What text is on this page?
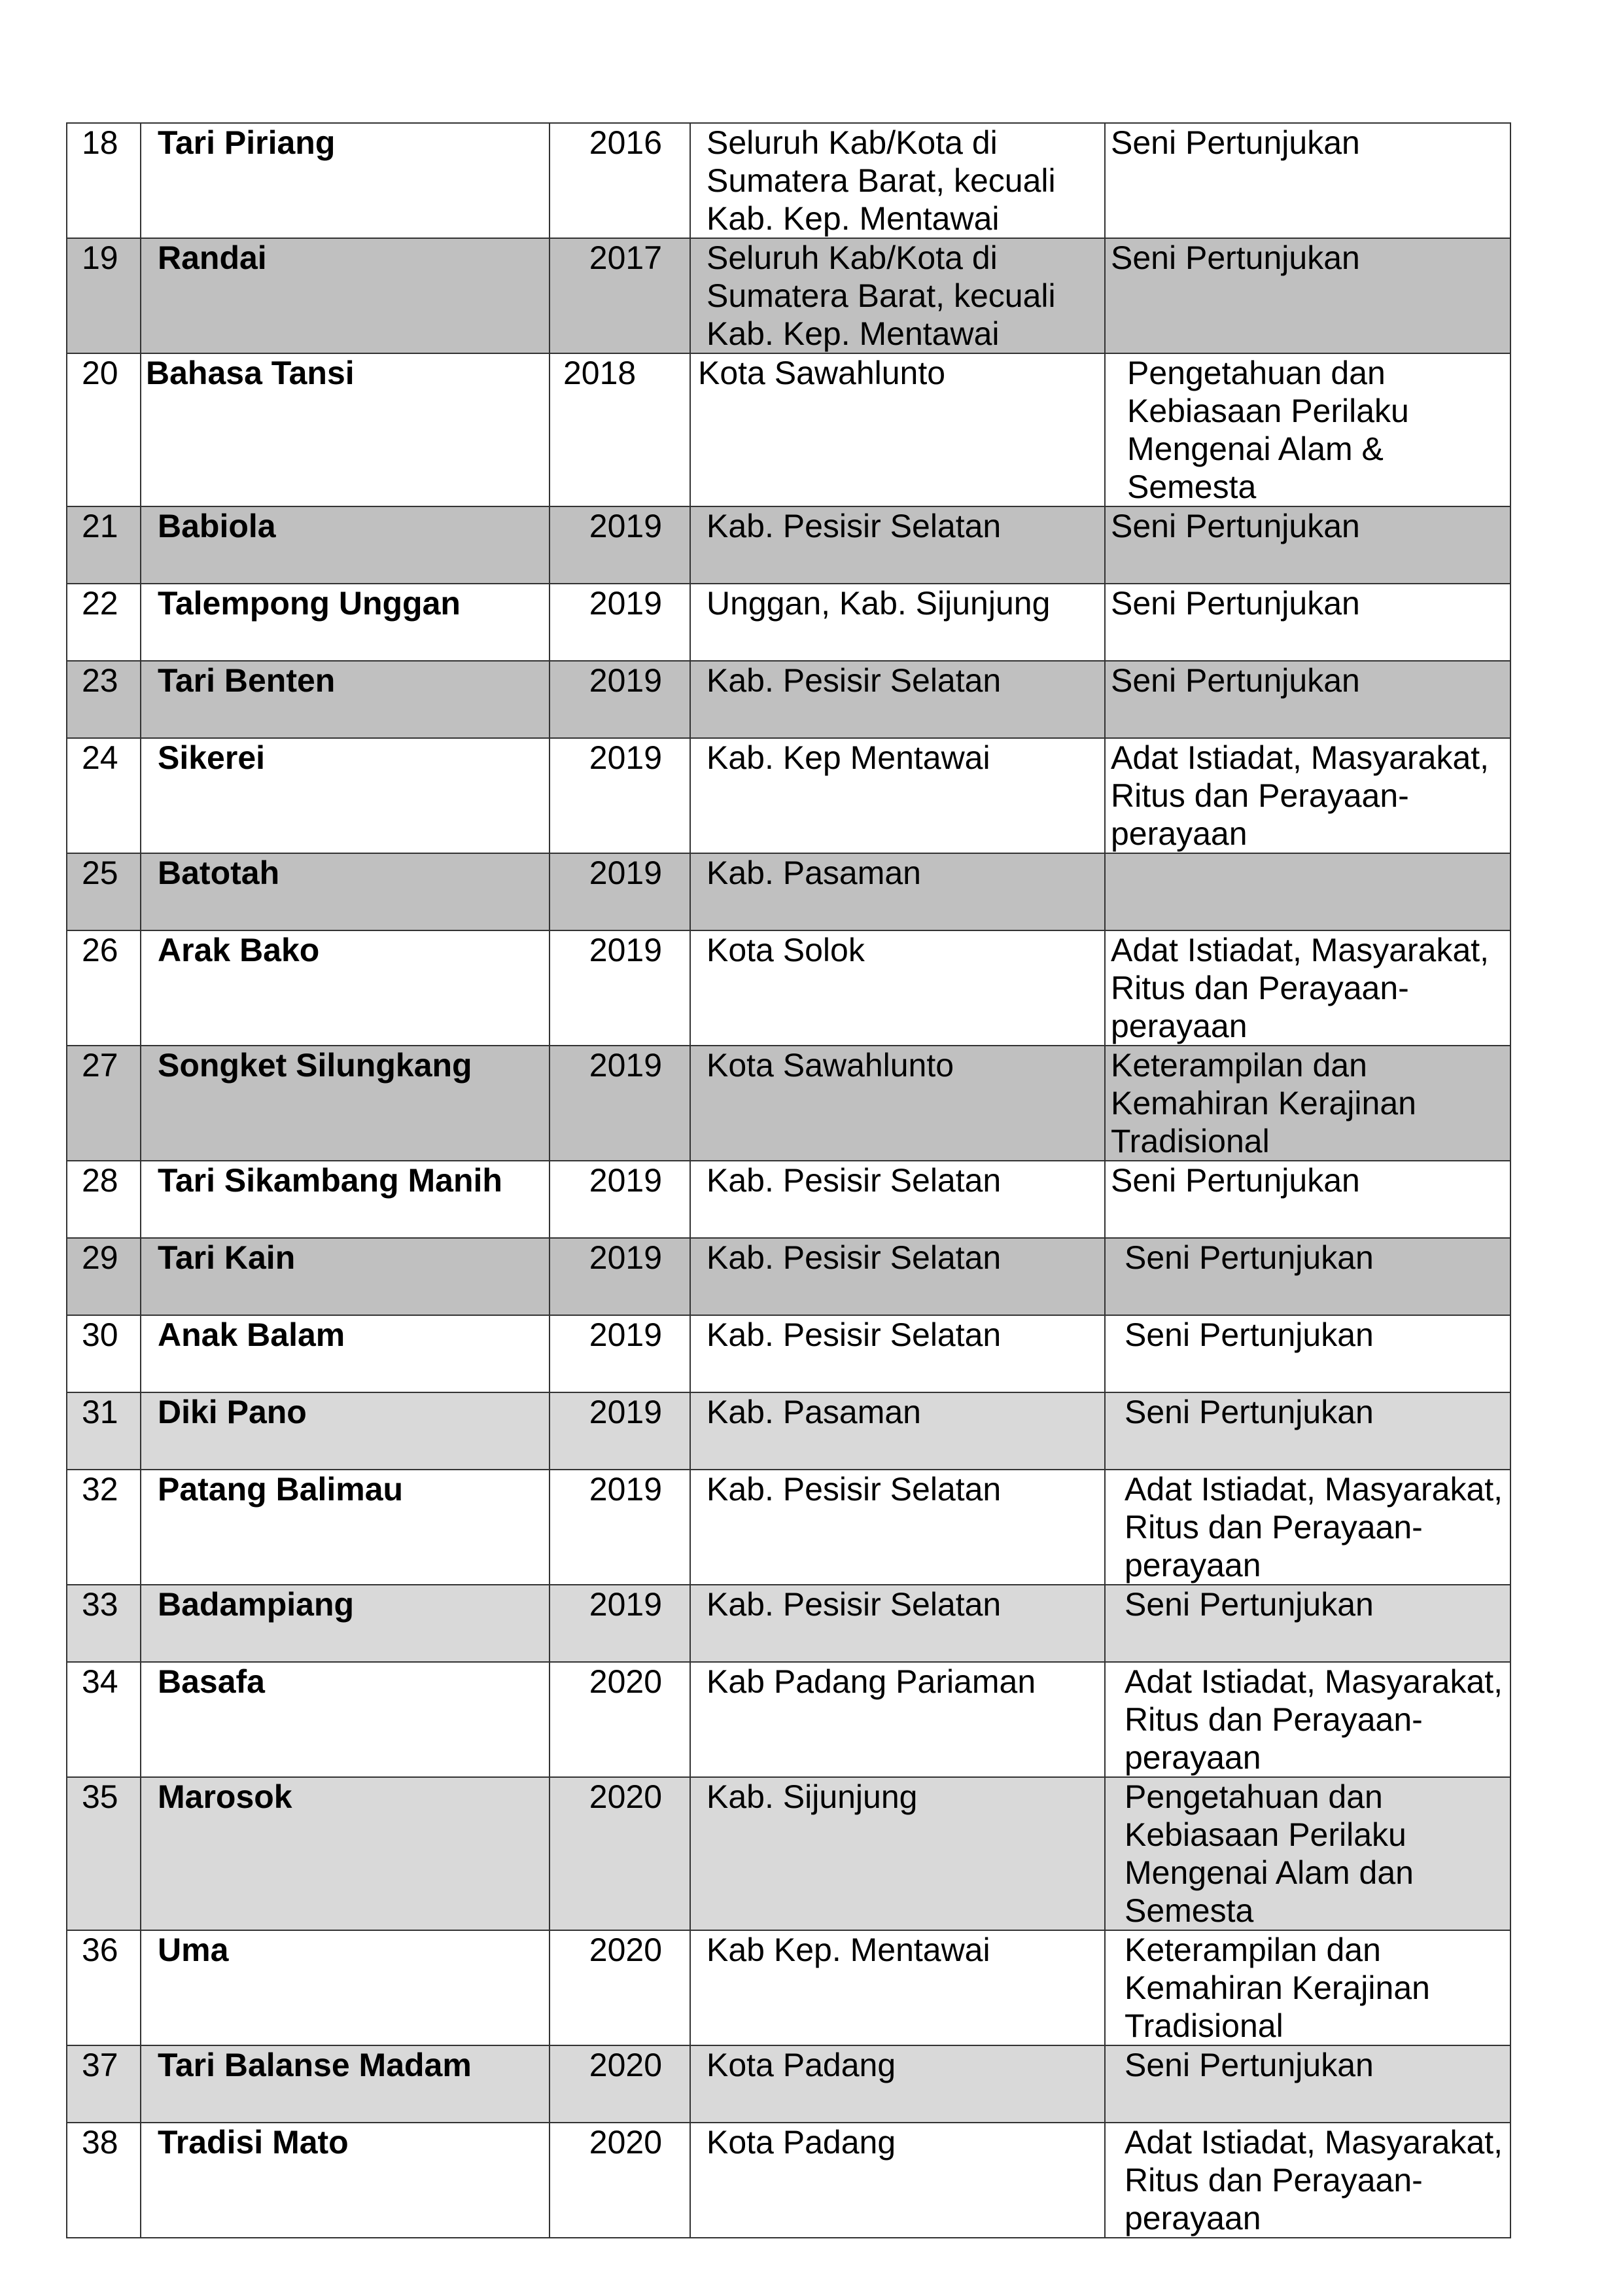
18	Tari Piriang	2016	Seluruh Kab/Kota di
Sumatera Barat, kecuali
Kab. Kep. Mentawai	Seni Pertunjukan

19	Randai	2017	Seluruh Kab/Kota di
Sumatera Barat, kecuali
Kab. Kep. Mentawai	Seni Pertunjukan

20	Bahasa Tansi	2018	Kota Sawahlunto	Pengetahuan dan
Kebiasaan Perilaku
Mengenai Alam &
Semesta

21	Babiola	2019	Kab. Pesisir Selatan	Seni Pertunjukan

22	Talempong Unggan	2019	Unggan, Kab. Sijunjung	Seni Pertunjukan

23	Tari Benten	2019	Kab. Pesisir Selatan	Seni Pertunjukan

24	Sikerei	2019	Kab. Kep Mentawai	Adat Istiadat, Masyarakat,
Ritus dan Perayaan-
perayaan

25	Batotah	2019	Kab. Pasaman	

26	Arak Bako	2019	Kota Solok	Adat Istiadat, Masyarakat,
Ritus dan Perayaan-
perayaan

27	Songket Silungkang	2019	Kota Sawahlunto	Keterampilan dan
Kemahiran Kerajinan
Tradisional

28	Tari Sikambang Manih	2019	Kab. Pesisir Selatan	Seni Pertunjukan

29	Tari Kain	2019	Kab. Pesisir Selatan	Seni Pertunjukan

30	Anak Balam	2019	Kab. Pesisir Selatan	Seni Pertunjukan

31	Diki Pano	2019	Kab. Pasaman	Seni Pertunjukan

32	Patang Balimau	2019	Kab. Pesisir Selatan	Adat Istiadat, Masyarakat,
Ritus dan Perayaan-
perayaan

33	Badampiang	2019	Kab. Pesisir Selatan	Seni Pertunjukan

34	Basafa	2020	Kab Padang Pariaman	Adat Istiadat, Masyarakat,
Ritus dan Perayaan-
perayaan

35	Marosok	2020	Kab. Sijunjung	Pengetahuan dan
Kebiasaan Perilaku
Mengenai Alam dan
Semesta

36	Uma	2020	Kab Kep. Mentawai	Keterampilan dan
Kemahiran Kerajinan
Tradisional

37	Tari Balanse Madam	2020	Kota Padang	Seni Pertunjukan

38	Tradisi Mato	2020	Kota Padang	Adat Istiadat, Masyarakat,
Ritus dan Perayaan-
perayaan
